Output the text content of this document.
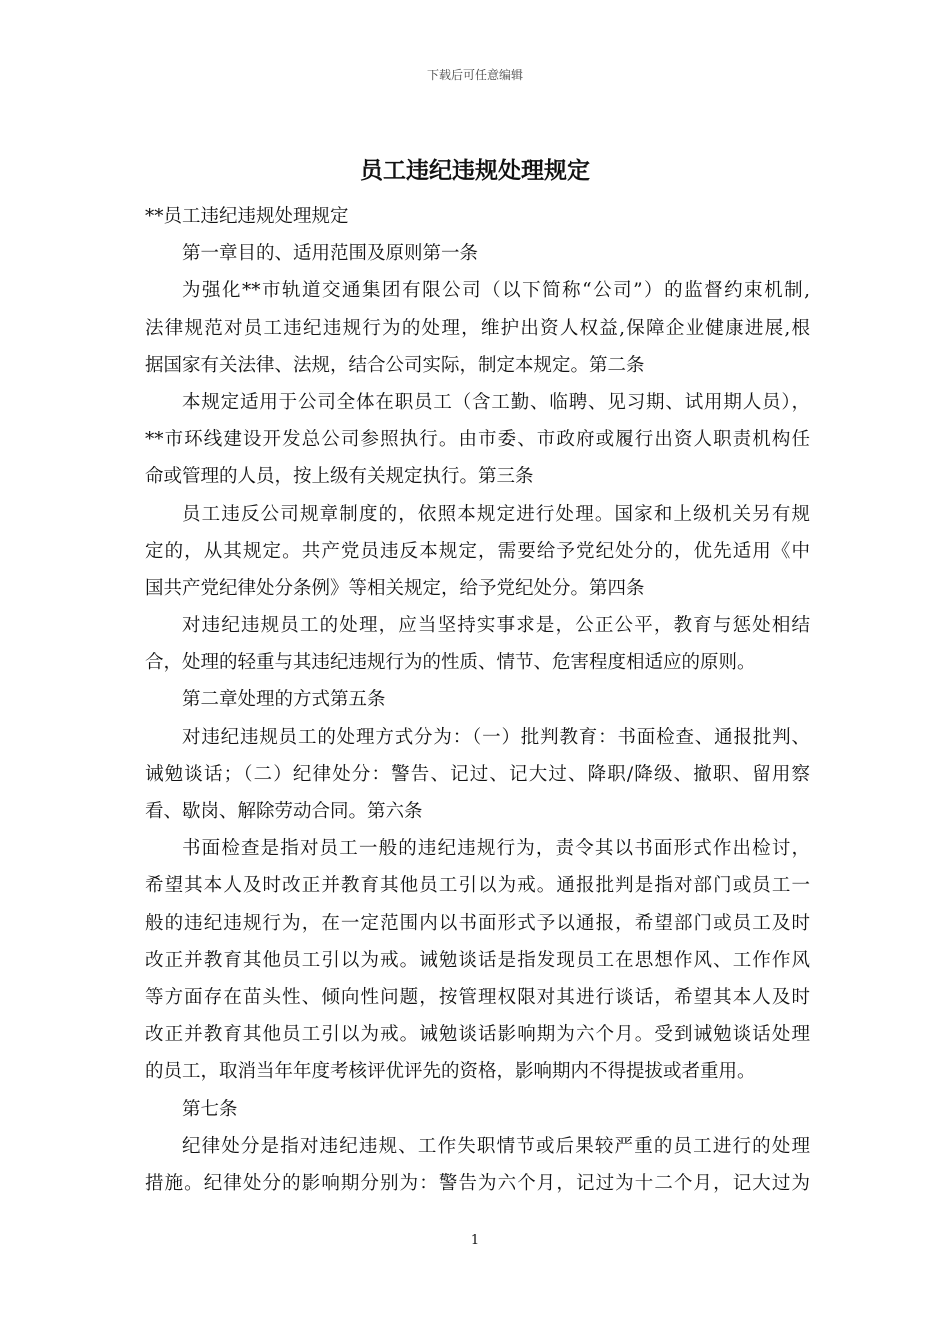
下载后可任意编辑
员工违纪违规处理规定
**员工违纪违规处理规定
第一章目的、适用范围及原则第一条
为强化**市轨道交通集团有限公司（以下简称“公司”）的监督约束机制,
法律规范对员工违纪违规行为的处理，维护出资人权益,保障企业健康进展,根
据国家有关法律、法规，结合公司实际，制定本规定。第二条
本规定适用于公司全体在职员工（含工勤、临聘、见习期、试用期人员），
**市环线建设开发总公司参照执行。由市委、市政府或履行出资人职责机构任
命或管理的人员，按上级有关规定执行。第三条
员工违反公司规章制度的，依照本规定进行处理。国家和上级机关另有规
定的，从其规定。共产党员违反本规定，需要给予党纪处分的，优先适用《中
国共产党纪律处分条例》等相关规定，给予党纪处分。第四条
对违纪违规员工的处理，应当坚持实事求是，公正公平，教育与惩处相结
合，处理的轻重与其违纪违规行为的性质、情节、危害程度相适应的原则。
第二章处理的方式第五条
对违纪违规员工的处理方式分为：（一）批判教育：书面检查、通报批判、
诫勉谈话；（二）纪律处分：警告、记过、记大过、降职/降级、撤职、留用察
看、歇岗、解除劳动合同。第六条
书面检查是指对员工一般的违纪违规行为，责令其以书面形式作出检讨，
希望其本人及时改正并教育其他员工引以为戒。通报批判是指对部门或员工一
般的违纪违规行为，在一定范围内以书面形式予以通报，希望部门或员工及时
改正并教育其他员工引以为戒。诫勉谈话是指发现员工在思想作风、工作作风
等方面存在苗头性、倾向性问题，按管理权限对其进行谈话，希望其本人及时
改正并教育其他员工引以为戒。诫勉谈话影响期为六个月。受到诫勉谈话处理
的员工，取消当年年度考核评优评先的资格，影响期内不得提拔或者重用。
第七条
纪律处分是指对违纪违规、工作失职情节或后果较严重的员工进行的处理
措施。纪律处分的影响期分别为：警告为六个月，记过为十二个月，记大过为
1
